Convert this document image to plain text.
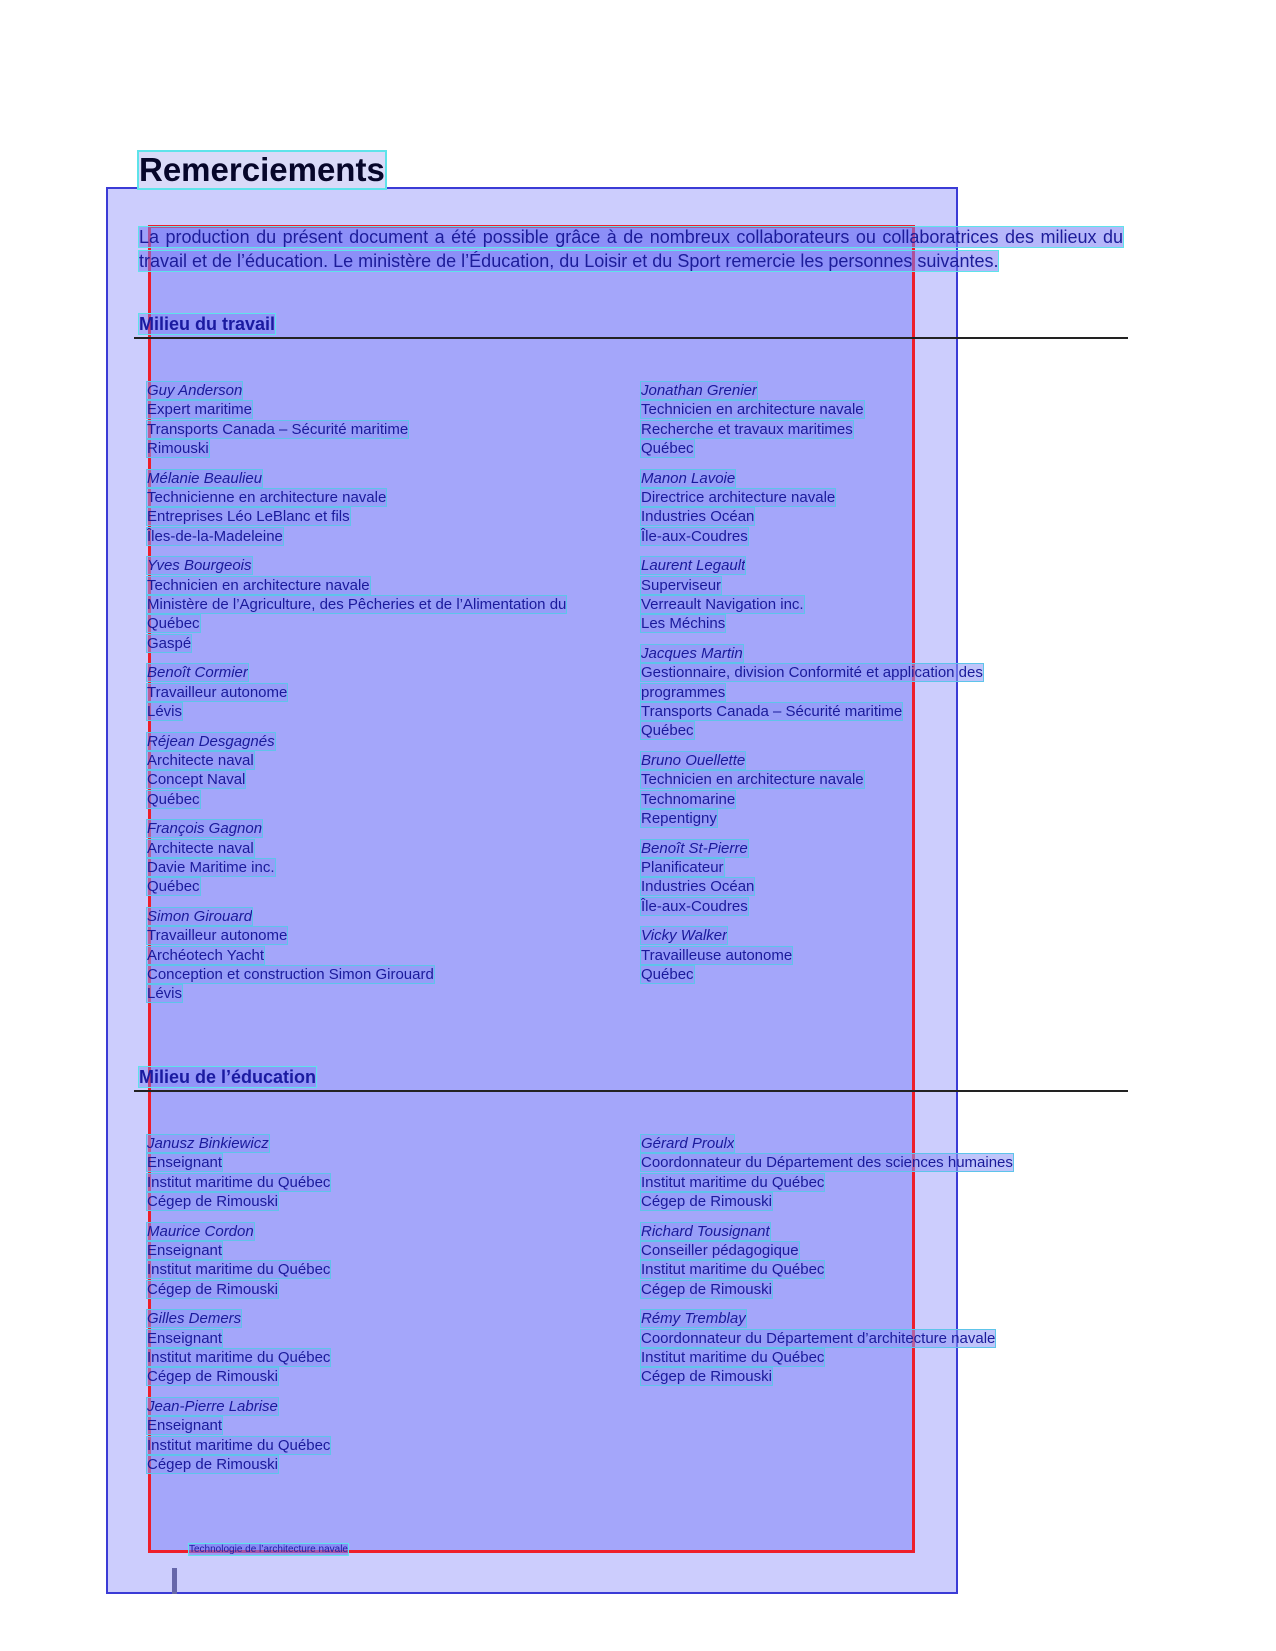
Remerciements

La production du présent document a été possible grâce à de nombreux collaborateurs ou collaboratrices des milieux du travail et de l’éducation. Le ministère de l’Éducation, du Loisir et du Sport remercie les personnes suivantes.

Milieu du travail
Guy Anderson
Expert maritime
Transports Canada – Sécurité maritime
Rimouski
Mélanie Beaulieu
Technicienne en architecture navale
Entreprises Léo LeBlanc et fils
Îles-de-la-Madeleine
Yves Bourgeois
Technicien en architecture navale
Ministère de l’Agriculture, des Pêcheries et de l’Alimentation du
Québec
Gaspé
Benoît Cormier
Travailleur autonome
Lévis
Réjean Desgagnés
Architecte naval
Concept Naval
Québec
François Gagnon
Architecte naval
Davie Maritime inc.
Québec
Simon Girouard
Travailleur autonome
Archéotech Yacht
Conception et construction Simon Girouard
Lévis
Jonathan Grenier
Technicien en architecture navale
Recherche et travaux maritimes
Québec
Manon Lavoie
Directrice architecture navale
Industries Océan
Île-aux-Coudres
Laurent Legault
Superviseur
Verreault Navigation inc.
Les Méchins
Jacques Martin
Gestionnaire, division Conformité et application des
programmes
Transports Canada – Sécurité maritime
Québec
Bruno Ouellette
Technicien en architecture navale
Technomarine
Repentigny
Benoît St-Pierre
Planificateur
Industries Océan
Île-aux-Coudres
Vicky Walker
Travailleuse autonome
Québec
Milieu de l’éducation
Janusz Binkiewicz
Enseignant
Institut maritime du Québec
Cégep de Rimouski
Maurice Cordon
Enseignant
Institut maritime du Québec
Cégep de Rimouski
Gilles Demers
Enseignant
Institut maritime du Québec
Cégep de Rimouski
Jean-Pierre Labrise
Enseignant
Institut maritime du Québec
Cégep de Rimouski
Gérard Proulx
Coordonnateur du Département des sciences humaines
Institut maritime du Québec
Cégep de Rimouski
Richard Tousignant
Conseiller pédagogique
Institut maritime du Québec
Cégep de Rimouski
Rémy Tremblay
Coordonnateur du Département d’architecture navale
Institut maritime du Québec
Cégep de Rimouski
Technologie de l’architecture navale
